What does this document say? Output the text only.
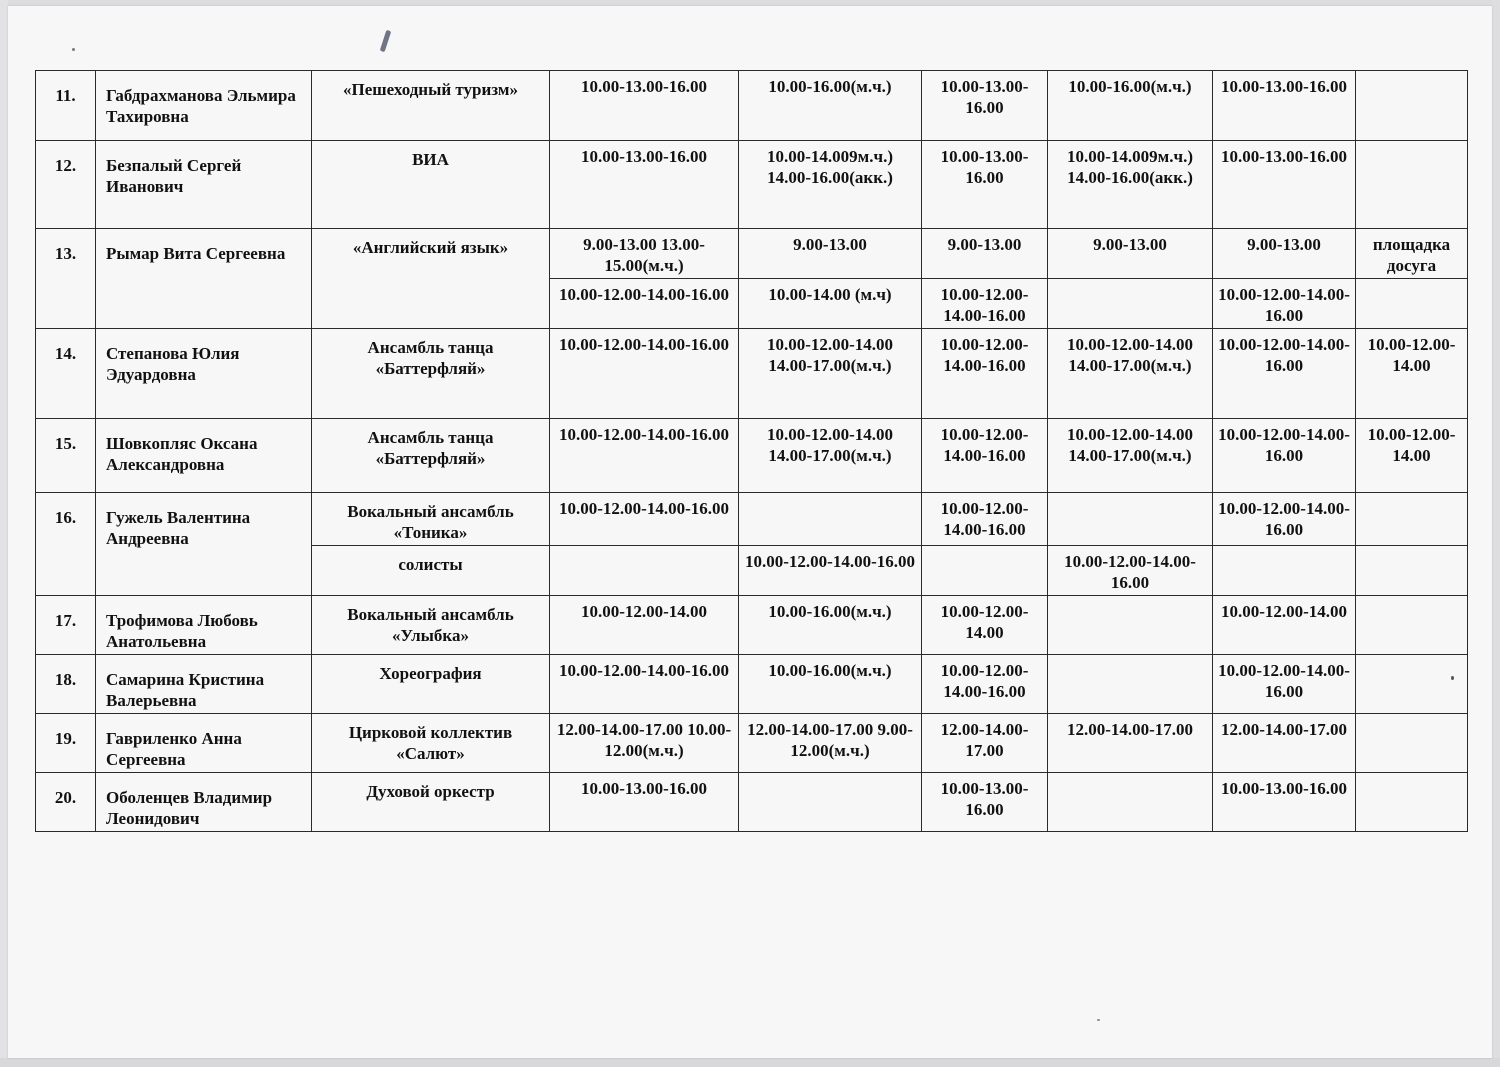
11.	Габдрахманова Эльмира Тахировна	«Пешеходный туризм»	10.00-13.00-16.00	10.00-16.00(м.ч.)	10.00-13.00-16.00	10.00-16.00(м.ч.)	10.00-13.00-16.00	
12.	Безпалый Сергей Иванович	ВИА	10.00-13.00-16.00	10.00-14.009м.ч.) 14.00-16.00(акк.)	10.00-13.00-16.00	10.00-14.009м.ч.) 14.00-16.00(акк.)	10.00-13.00-16.00	
13.	Рымар Вита Сергеевна	«Английский язык»	9.00-13.00 13.00-15.00(м.ч.)	9.00-13.00	9.00-13.00	9.00-13.00	9.00-13.00	площадка досуга
			10.00-12.00-14.00-16.00	10.00-14.00 (м.ч)	10.00-12.00-14.00-16.00		10.00-12.00-14.00-16.00	
14.	Степанова Юлия Эдуардовна	Ансамбль танца «Баттерфляй»	10.00-12.00-14.00-16.00	10.00-12.00-14.00 14.00-17.00(м.ч.)	10.00-12.00-14.00-16.00	10.00-12.00-14.00 14.00-17.00(м.ч.)	10.00-12.00-14.00-16.00	10.00-12.00-14.00
15.	Шовкопляс Оксана Александровна	Ансамбль танца «Баттерфляй»	10.00-12.00-14.00-16.00	10.00-12.00-14.00 14.00-17.00(м.ч.)	10.00-12.00-14.00-16.00	10.00-12.00-14.00 14.00-17.00(м.ч.)	10.00-12.00-14.00-16.00	10.00-12.00-14.00
16.	Гужель Валентина Андреевна	Вокальный ансамбль «Тоника»	10.00-12.00-14.00-16.00		10.00-12.00-14.00-16.00		10.00-12.00-14.00-16.00	
		солисты		10.00-12.00-14.00-16.00		10.00-12.00-14.00-16.00		
17.	Трофимова Любовь Анатольевна	Вокальный ансамбль «Улыбка»	10.00-12.00-14.00	10.00-16.00(м.ч.)	10.00-12.00-14.00		10.00-12.00-14.00	
18.	Самарина Кристина Валерьевна	Хореография	10.00-12.00-14.00-16.00	10.00-16.00(м.ч.)	10.00-12.00-14.00-16.00		10.00-12.00-14.00-16.00	
19.	Гавриленко Анна Сергеевна	Цирковой коллектив «Салют»	12.00-14.00-17.00 10.00-12.00(м.ч.)	12.00-14.00-17.00 9.00-12.00(м.ч.)	12.00-14.00-17.00	12.00-14.00-17.00	12.00-14.00-17.00	
20.	Оболенцев Владимир Леонидович	Духовой оркестр	10.00-13.00-16.00		10.00-13.00-16.00		10.00-13.00-16.00	
